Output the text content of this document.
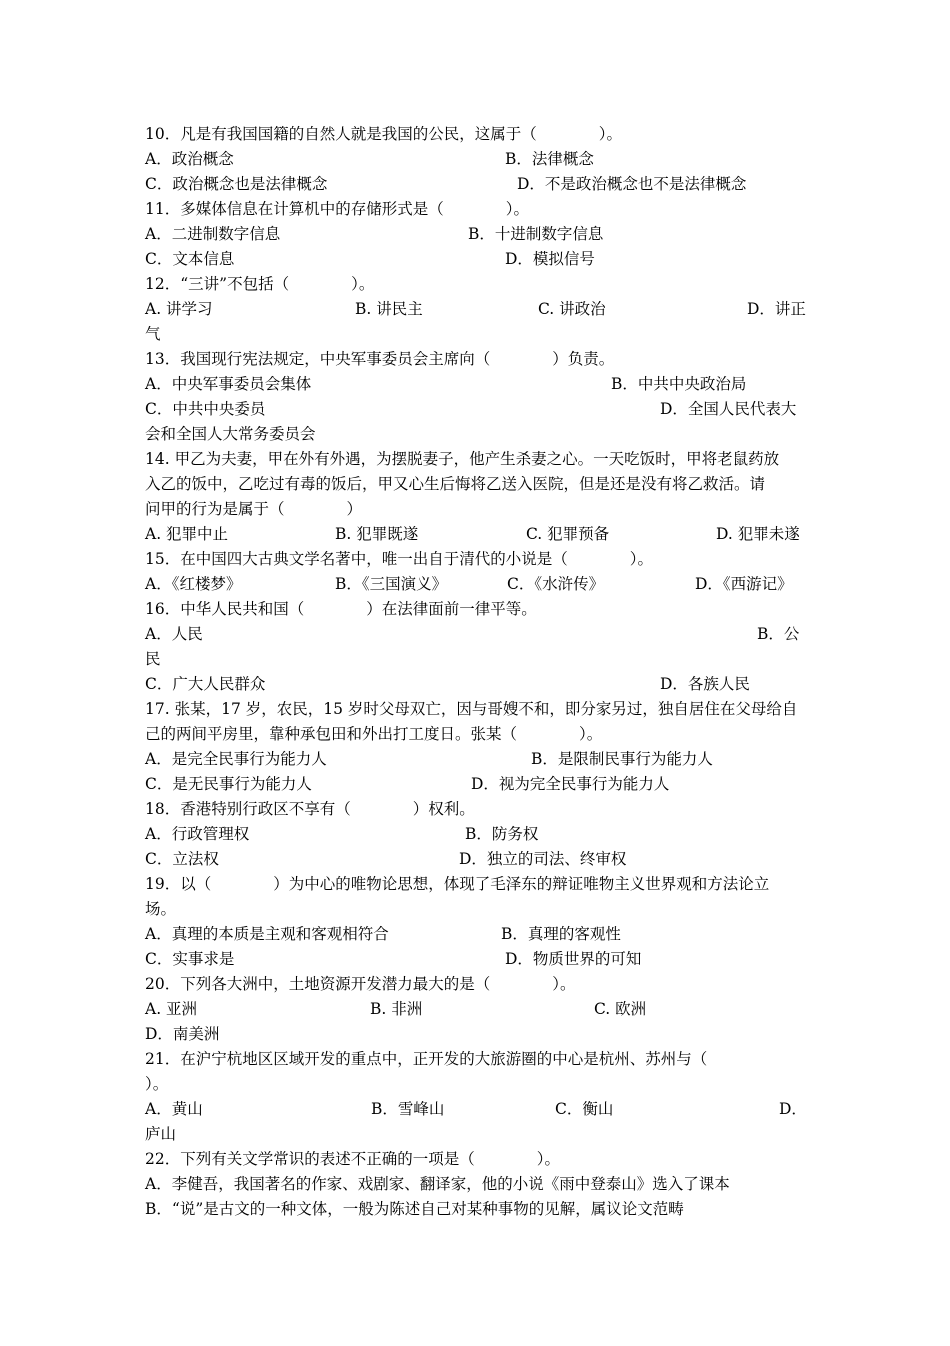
10．凡是有我国国籍的自然人就是我国的公民，这属于（　　　　）。
A．政治概念	B．法律概念
C．政治概念也是法律概念	D．不是政治概念也不是法律概念
11．多媒体信息在计算机中的存储形式是（　　　　）。
A．二进制数字信息	B．十进制数字信息
C．文本信息	D．模拟信号
12．“三讲”不包括（　　　　）。
A. 讲学习	B. 讲民主	C. 讲政治	D．讲正
气
13．我国现行宪法规定，中央军事委员会主席向（　　　　）负责。
A．中央军事委员会集体	B．中共中央政治局
C．中共中央委员	D．全国人民代表大
会和全国人大常务委员会
14. 甲乙为夫妻，甲在外有外遇，为摆脱妻子，他产生杀妻之心。一天吃饭时，甲将老鼠药放
入乙的饭中，乙吃过有毒的饭后，甲又心生后悔将乙送入医院，但是还是没有将乙救活。请
问甲的行为是属于（　　　　）
A. 犯罪中止	B. 犯罪既遂	C. 犯罪预备	D. 犯罪未遂
15．在中国四大古典文学名著中，唯一出自于清代的小说是（　　　　）。
A．《红楼梦》	B．《三国演义》	C．《水浒传》	D．《西游记》
16．中华人民共和国（　　　　）在法律面前一律平等。
A．人民	B．公
民
C．广大人民群众	D．各族人民
17. 张某，17 岁，农民，15 岁时父母双亡，因与哥嫂不和，即分家另过，独自居住在父母给自
己的两间平房里，靠种承包田和外出打工度日。张某（　　　　）。
A．是完全民事行为能力人	B．是限制民事行为能力人
C．是无民事行为能力人	D．视为完全民事行为能力人
18．香港特别行政区不享有（　　　　）权利。
A．行政管理权	B．防务权
C．立法权	D．独立的司法、终审权
19．以（　　　　）为中心的唯物论思想，体现了毛泽东的辩证唯物主义世界观和方法论立
场。
A．真理的本质是主观和客观相符合	B．真理的客观性
C．实事求是	D．物质世界的可知
20．下列各大洲中，土地资源开发潜力最大的是（　　　　）。
A. 亚洲	B. 非洲	C. 欧洲
D．南美洲
21．在沪宁杭地区区域开发的重点中，正开发的大旅游圈的中心是杭州、苏州与（
）。
A．黄山	B．雪峰山	C．衡山	D．
庐山
22．下列有关文学常识的表述不正确的一项是（　　　　）。
A．李健吾，我国著名的作家、戏剧家、翻译家，他的小说《雨中登泰山》选入了课本
B．“说”是古文的一种文体，一般为陈述自己对某种事物的见解，属议论文范畴
